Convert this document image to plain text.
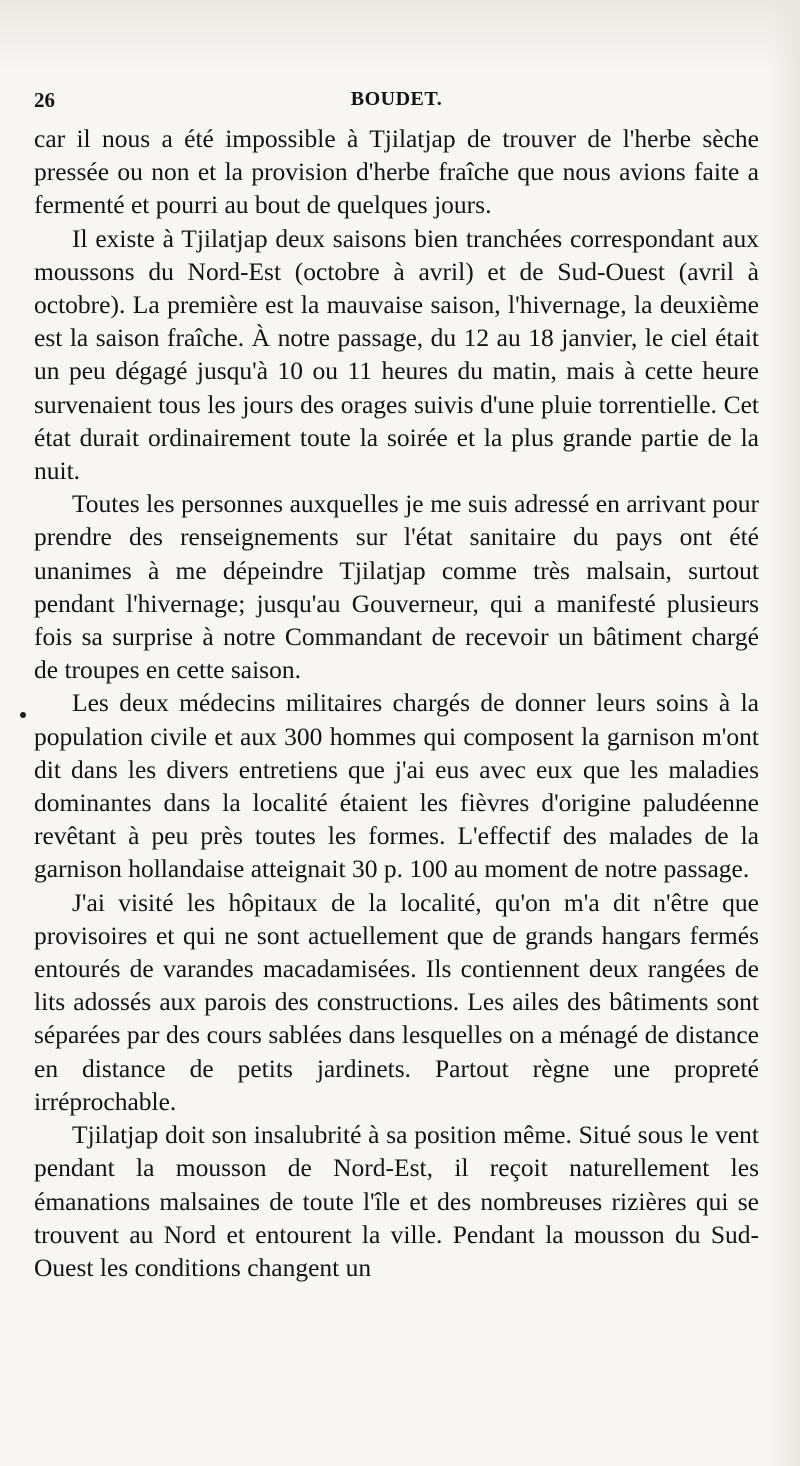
26	BOUDET.

car il nous a été impossible à Tjilatjap de trouver de l'herbe sèche pressée ou non et la provision d'herbe fraîche que nous avions faite a fermenté et pourri au bout de quelques jours.

Il existe à Tjilatjap deux saisons bien tranchées correspondant aux moussons du Nord-Est (octobre à avril) et de Sud-Ouest (avril à octobre). La première est la mauvaise saison, l'hivernage, la deuxième est la saison fraîche. À notre passage, du 12 au 18 janvier, le ciel était un peu dégagé jusqu'à 10 ou 11 heures du matin, mais à cette heure survenaient tous les jours des orages suivis d'une pluie torrentielle. Cet état durait ordinairement toute la soirée et la plus grande partie de la nuit.

Toutes les personnes auxquelles je me suis adressé en arrivant pour prendre des renseignements sur l'état sanitaire du pays ont été unanimes à me dépeindre Tjilatjap comme très malsain, surtout pendant l'hivernage; jusqu'au Gouverneur, qui a manifesté plusieurs fois sa surprise à notre Commandant de recevoir un bâtiment chargé de troupes en cette saison.

Les deux médecins militaires chargés de donner leurs soins à la population civile et aux 300 hommes qui composent la garnison m'ont dit dans les divers entretiens que j'ai eus avec eux que les maladies dominantes dans la localité étaient les fièvres d'origine paludéenne revêtant à peu près toutes les formes. L'effectif des malades de la garnison hollandaise atteignait 30 p. 100 au moment de notre passage.

J'ai visité les hôpitaux de la localité, qu'on m'a dit n'être que provisoires et qui ne sont actuellement que de grands hangars fermés entourés de varandes macadamisées. Ils contiennent deux rangées de lits adossés aux parois des constructions. Les ailes des bâtiments sont séparées par des cours sablées dans lesquelles on a ménagé de distance en distance de petits jardinets. Partout règne une propreté irréprochable.

Tjilatjap doit son insalubrité à sa position même. Situé sous le vent pendant la mousson de Nord-Est, il reçoit naturellement les émanations malsaines de toute l'île et des nombreuses rizières qui se trouvent au Nord et entourent la ville. Pendant la mousson du Sud-Ouest les conditions changent un
